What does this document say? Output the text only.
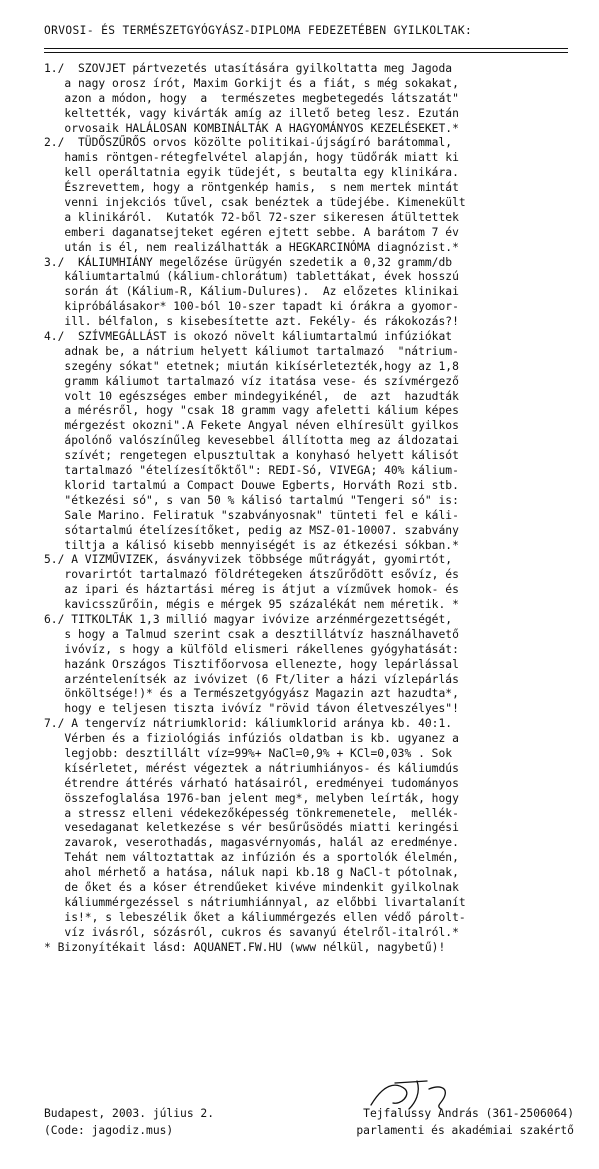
ORVOSI- ÉS TERMÉSZETGYÓGYÁSZ-DIPLOMA FEDEZETÉBEN GYILKOLTAK:
1./  SZOVJET pártvezetés utasítására gyilkoltatta meg Jagoda
a nagy orosz írót, Maxim Gorkijt és a fiát, s még sokakat,
azon a módon, hogy  a  természetes megbetegedés látszatát"
keltették, vagy kivárták amíg az illető beteg lesz. Ezután
orvosaik HALÁLOSAN KOMBINÁLTÁK A HAGYOMÁNYOS KEZELÉSEKET.*
2./  TÜDŐSZŰRŐS orvos közölte politikai-újságíró barátommal,
hamis röntgen-rétegfelvétel alapján, hogy tüdőrák miatt ki
kell operáltatnia egyik tüdejét, s beutalta egy klinikára.
Észrevettem, hogy a röntgenkép hamis,  s nem mertek mintát
venni injekciós tűvel, csak benéztek a tüdejébe. Kimenekült
a klinikáról.  Kutatók 72-ből 72-szer sikeresen átültettek
emberi daganatsejteket egéren ejtett sebbe. A barátom 7 év
után is él, nem realizálhatták a HEGKARCINÓMA diagnózist.*
3./  KÁLIUMHIÁNY megelőzése ürügyén szedetik a 0,32 gramm/db
káliumtartalmú (kálium-chlorátum) tablettákat, évek hosszú
során át (Kálium-R, Kálium-Dulures).  Az előzetes klinikai
kipróbálásakor* 100-ból 10-szer tapadt ki órákra a gyomor-
ill. bélfalon, s kisebesítette azt. Fekély- és rákokozás?!
4./  SZÍVMEGÁLLÁST is okozó növelt káliumtartalmú infúziókat
adnak be, a nátrium helyett káliumot tartalmazó  "nátrium-
szegény sókat" etetnek; miután kikísérletezték,hogy az 1,8
gramm káliumot tartalmazó víz itatása vese- és szívmérgező
volt 10 egészséges ember mindegyikénél,  de  azt  hazudták
a mérésről, hogy "csak 18 gramm vagy afeletti kálium képes
mérgezést okozni".A Fekete Angyal néven elhíresült gyilkos
ápolónő valószínűleg kevesebbel állította meg az áldozatai
szívét; rengetegen elpusztultak a konyhasó helyett kálisót
tartalmazó "ételízesítőktől": REDI-Só, VIVEGA; 40% kálium-
klorid tartalmú a Compact Douwe Egberts, Horváth Rozi stb.
"étkezési só", s van 50 % kálisó tartalmú "Tengeri só" is:
Sale Marino. Feliratuk "szabványosnak" tünteti fel e káli-
sótartalmú ételízesítőket, pedig az MSZ-01-10007. szabvány
tiltja a kálisó kisebb mennyiségét is az étkezési sókban.*
5./ A VIZMŰVIZEK, ásványvizek többsége műtrágyát, gyomirtót,
rovarirtót tartalmazó földrétegeken átszűrődött esővíz, és
az ipari és háztartási méreg is átjut a vízművek homok- és
kavicsszűrőin, mégis e mérgek 95 százalékát nem méretik. *
6./ TITKOLTÁK 1,3 millió magyar ivóvize arzénmérgezettségét,
s hogy a Talmud szerint csak a desztillátvíz használhavető
ivóvíz, s hogy a külföld elismeri rákellenes gyógyhatását:
hazánk Országos Tisztifőorvosa ellenezte, hogy lepárlással
arzéntelenítsék az ivóvizet (6 Ft/liter a házi vízlepárlás
önköltsége!)* és a Természetgyógyász Magazin azt hazudta*,
hogy e teljesen tiszta ivóvíz "rövid távon életveszélyes"!
7./ A tengervíz nátriumklorid: káliumklorid aránya kb. 40:1.
Vérben és a fiziológiás infúziós oldatban is kb. ugyanez a
legjobb: desztillált víz=99%+ NaCl=0,9% + KCl=0,03% . Sok
kísérletet, mérést végeztek a nátriumhiányos- és káliumdús
étrendre áttérés várható hatásairól, eredményei tudományos
összefoglalása 1976-ban jelent meg*, melyben leírták, hogy
a stressz elleni védekezőképesség tönkremenetele,  mellék-
vesedaganat keletkezése s vér besűrűsödés miatti keringési
zavarok, veserothadás, magasvérnyomás, halál az eredménye.
Tehát nem változtattak az infúzión és a sportolók élelmén,
ahol mérhető a hatása, náluk napi kb.18 g NaCl-t pótolnak,
de őket és a kóser étrendűeket kivéve mindenkit gyilkolnak
káliummérgezéssel s nátriumhiánnyal, az előbbi livartalanít
is!*, s lebeszélik őket a káliummérgezés ellen védő párolt-
víz ivásról, sózásról, cukros és savanyú ételről-italról.*
* Bizonyítékait lásd: AQUANET.FW.HU (www nélkül, nagybetű)!
Budapest, 2003. július 2.	Tejfalussy András (361-2506064)
(Code: jagodiz.mus)	parlamenti és akadémiai szakértő
